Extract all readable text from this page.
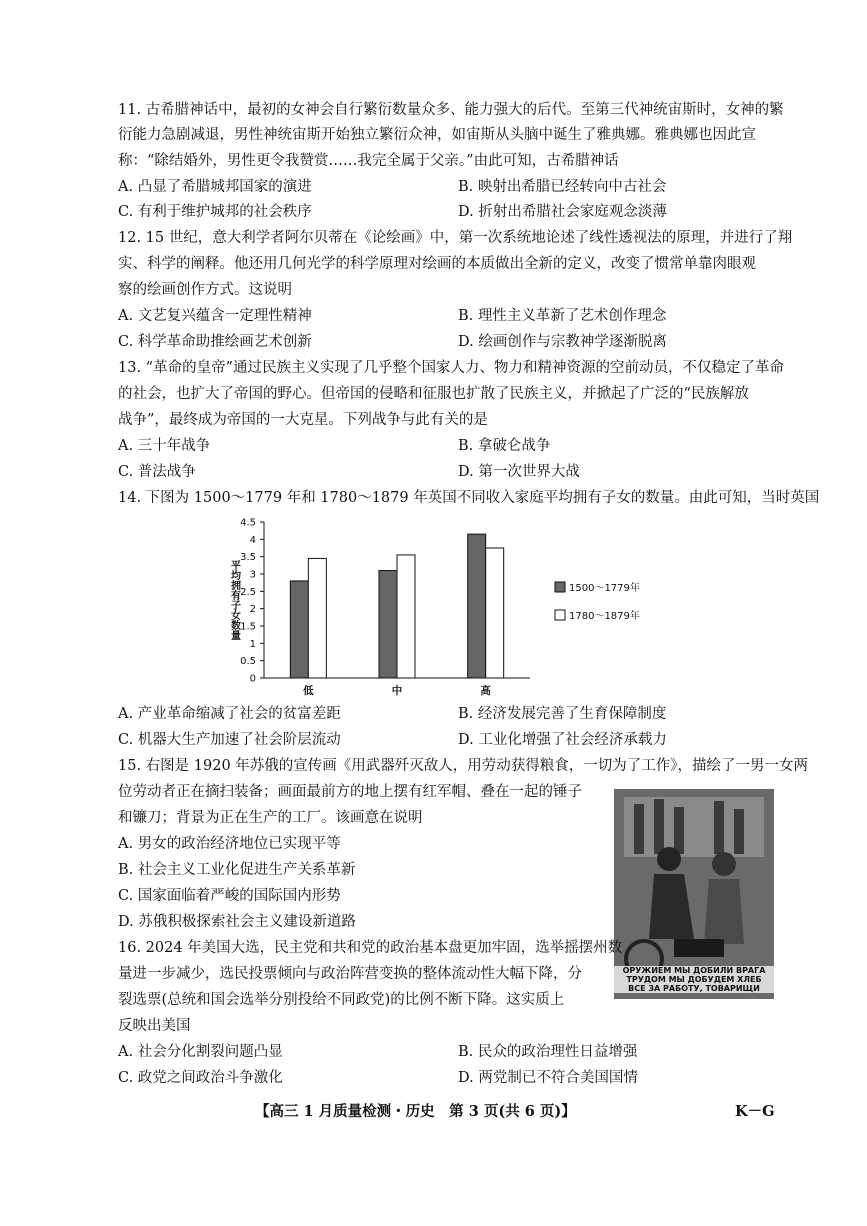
11. 古希腊神话中，最初的女神会自行繁衍数量众多、能力强大的后代。至第三代神统宙斯时，女神的繁
衍能力急剧减退，男性神统宙斯开始独立繁衍众神，如宙斯从头脑中诞生了雅典娜。雅典娜也因此宣
称：“除结婚外，男性更令我赞赏……我完全属于父亲。”由此可知，古希腊神话
A. 凸显了希腊城邦国家的演进	B. 映射出希腊已经转向中古社会
C. 有利于维护城邦的社会秩序	D. 折射出希腊社会家庭观念淡薄
12. 15 世纪，意大利学者阿尔贝蒂在《论绘画》中，第一次系统地论述了线性透视法的原理，并进行了翔
实、科学的阐释。他还用几何光学的科学原理对绘画的本质做出全新的定义，改变了惯常单靠肉眼观
察的绘画创作方式。这说明
A. 文艺复兴蕴含一定理性精神	B. 理性主义革新了艺术创作理念
C. 科学革命助推绘画艺术创新	D. 绘画创作与宗教神学逐渐脱离
13. “革命的皇帝”通过民族主义实现了几乎整个国家人力、物力和精神资源的空前动员，不仅稳定了革命
的社会，也扩大了帝国的野心。但帝国的侵略和征服也扩散了民族主义，并掀起了广泛的“民族解放
战争”，最终成为帝国的一大克星。下列战争与此有关的是
A. 三十年战争	B. 拿破仑战争
C. 普法战争	D. 第一次世界大战
14. 下图为 1500～1779 年和 1780～1879 年英国不同收入家庭平均拥有子女的数量。由此可知，当时英国
0
0.5
1
1.5
2
2.5
3
3.5
4
4.5
平均拥有子女数量
低	中	高
1500～1779年
1780～1879年
A. 产业革命缩减了社会的贫富差距	B. 经济发展完善了生育保障制度
C. 机器大生产加速了社会阶层流动	D. 工业化增强了社会经济承载力
15. 右图是 1920 年苏俄的宣传画《用武器歼灭敌人，用劳动获得粮食，一切为了工作》，描绘了一男一女两
位劳动者正在摘扫装备；画面最前方的地上摆有红军帽、叠在一起的锤子
和镰刀；背景为正在生产的工厂。该画意在说明
A. 男女的政治经济地位已实现平等
B. 社会主义工业化促进生产关系革新
C. 国家面临着严峻的国际国内形势
D. 苏俄积极探索社会主义建设新道路
ОРУЖИЕМ МЫ ДОБИЛИ ВРАГА
ТРУДОМ МЫ ДОБУДЕМ ХЛЕБ
ВСЕ ЗА РАБОТУ, ТОВАРИЩИ
16. 2024 年美国大选，民主党和共和党的政治基本盘更加牢固，选举摇摆州数
量进一步减少，选民投票倾向与政治阵营变换的整体流动性大幅下降，分
裂选票(总统和国会选举分别投给不同政党)的比例不断下降。这实质上
反映出美国
A. 社会分化割裂问题凸显	B. 民众的政治理性日益增强
C. 政党之间政治斗争激化	D. 两党制已不符合美国国情
【高三 1 月质量检测・历史　第 3 页(共 6 页)】	K－G
